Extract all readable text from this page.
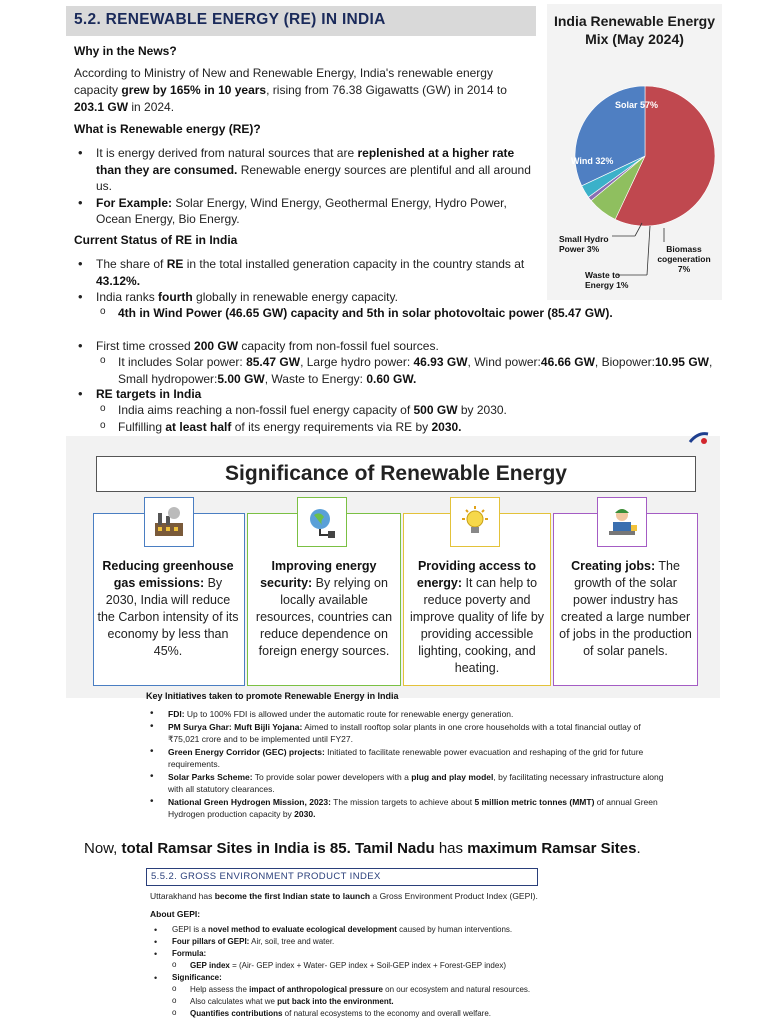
5.2. RENEWABLE ENERGY (RE) IN INDIA
Why in the News?
According to Ministry of New and Renewable Energy, India's renewable energy capacity grew by 165% in 10 years, rising from 76.38 Gigawatts (GW) in 2014 to 203.1 GW in 2024.
What is Renewable energy (RE)?
• It is energy derived from natural sources that are replenished at a higher rate than they are consumed. Renewable energy sources are plentiful and all around us.
• For Example: Solar Energy, Wind Energy, Geothermal Energy, Hydro Power, Ocean Energy, Bio Energy.
Current Status of RE in India
• The share of RE in the total installed generation capacity in the country stands at 43.12%.
• India ranks fourth globally in renewable energy capacity.
o 4th in Wind Power (46.65 GW) capacity and 5th in solar photovoltaic power (85.47 GW).
• First time crossed 200 GW capacity from non-fossil fuel sources.
o It includes Solar power: 85.47 GW, Large hydro power: 46.93 GW, Wind power:46.66 GW, Biopower:10.95 GW, Small hydropower:5.00 GW, Waste to Energy: 0.60 GW.
• RE targets in India
o India aims reaching a non-fossil fuel energy capacity of 500 GW by 2030.
o Fulfilling at least half of its energy requirements via RE by 2030.
India Renewable Energy Mix (May 2024)
Solar 57%
Wind 32%
Small Hydro Power 3%	Biomass cogeneration 7%
Waste to Energy 1%
Significance of Renewable Energy
Reducing greenhouse gas emissions: By 2030, India will reduce the Carbon intensity of its economy by less than 45%.
Improving energy security: By relying on locally available resources, countries can reduce dependence on foreign energy sources.
Providing access to energy: It can help to reduce poverty and improve quality of life by providing accessible lighting, cooking, and heating.
Creating jobs: The growth of the solar power industry has created a large number of jobs in the production of solar panels.
Key Initiatives taken to promote Renewable Energy in India
• FDI: Up to 100% FDI is allowed under the automatic route for renewable energy generation.
• PM Surya Ghar: Muft Bijli Yojana: Aimed to install rooftop solar plants in one crore households with a total financial outlay of ₹75,021 crore and to be implemented until FY27.
• Green Energy Corridor (GEC) projects: Initiated to facilitate renewable power evacuation and reshaping of the grid for future requirements.
• Solar Parks Scheme: To provide solar power developers with a plug and play model, by facilitating necessary infrastructure along with all statutory clearances.
• National Green Hydrogen Mission, 2023: The mission targets to achieve about 5 million metric tonnes (MMT) of annual Green Hydrogen production capacity by 2030.
Now, total Ramsar Sites in India is 85. Tamil Nadu has maximum Ramsar Sites.
5.5.2. GROSS ENVIRONMENT PRODUCT INDEX
Uttarakhand has become the first Indian state to launch a Gross Environment Product Index (GEPI).
About GEPI:
• GEPI is a novel method to evaluate ecological development caused by human interventions.
• Four pillars of GEPI: Air, soil, tree and water.
• Formula:
o GEP index = (Air- GEP index + Water- GEP index + Soil-GEP index + Forest-GEP index)
• Significance:
o Help assess the impact of anthropological pressure on our ecosystem and natural resources.
o Also calculates what we put back into the environment.
o Quantifies contributions of natural ecosystems to the economy and overall welfare.
